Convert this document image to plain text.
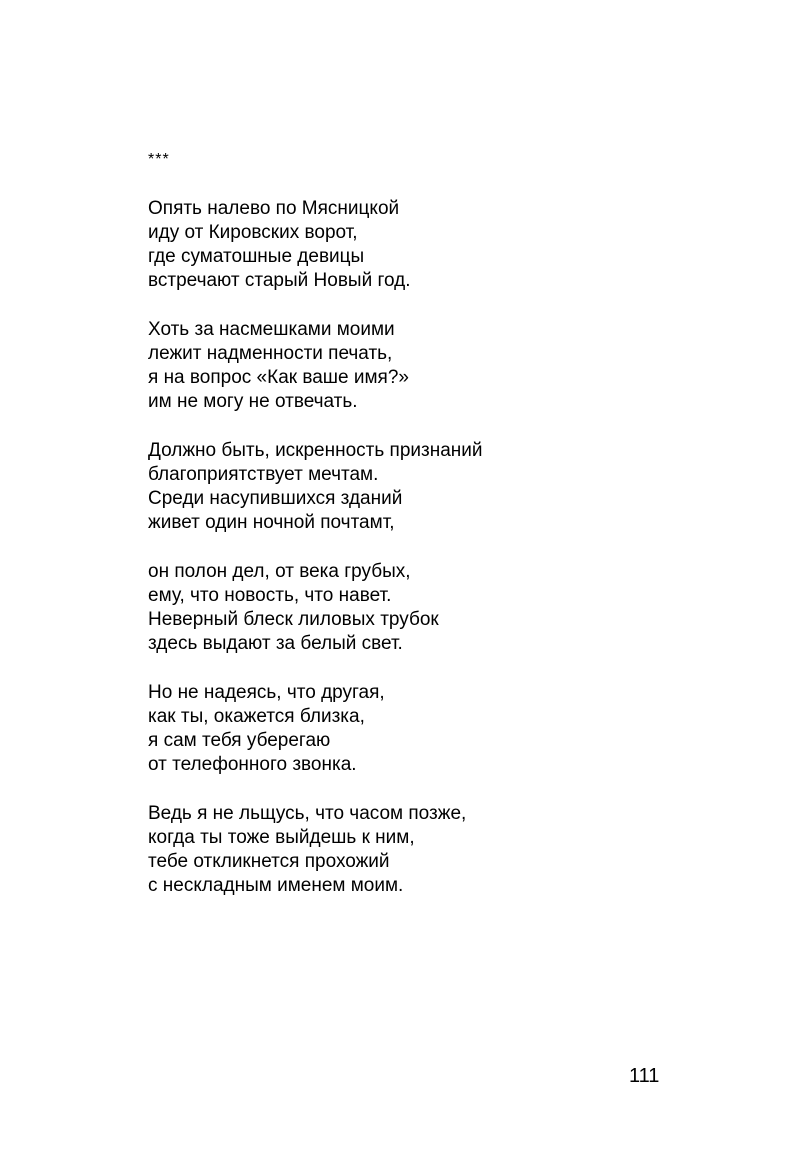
***
Опять налево по Мясницкой
иду от Кировских ворот,
где суматошные девицы
встречают старый Новый год.
Хоть за насмешками моими
лежит надменности печать,
я на вопрос «Как ваше имя?»
им не могу не отвечать.
Должно быть, искренность признаний
благоприятствует мечтам.
Среди насупившихся зданий
живет один ночной почтамт,
он полон дел, от века грубых,
ему, что новость, что навет.
Неверный блеск лиловых трубок
здесь выдают за белый свет.
Но не надеясь, что другая,
как ты, окажется близка,
я сам тебя уберегаю
от телефонного звонка.
Ведь я не льщусь, что часом позже,
когда ты тоже выйдешь к ним,
тебе откликнется прохожий
с нескладным именем моим.
111
